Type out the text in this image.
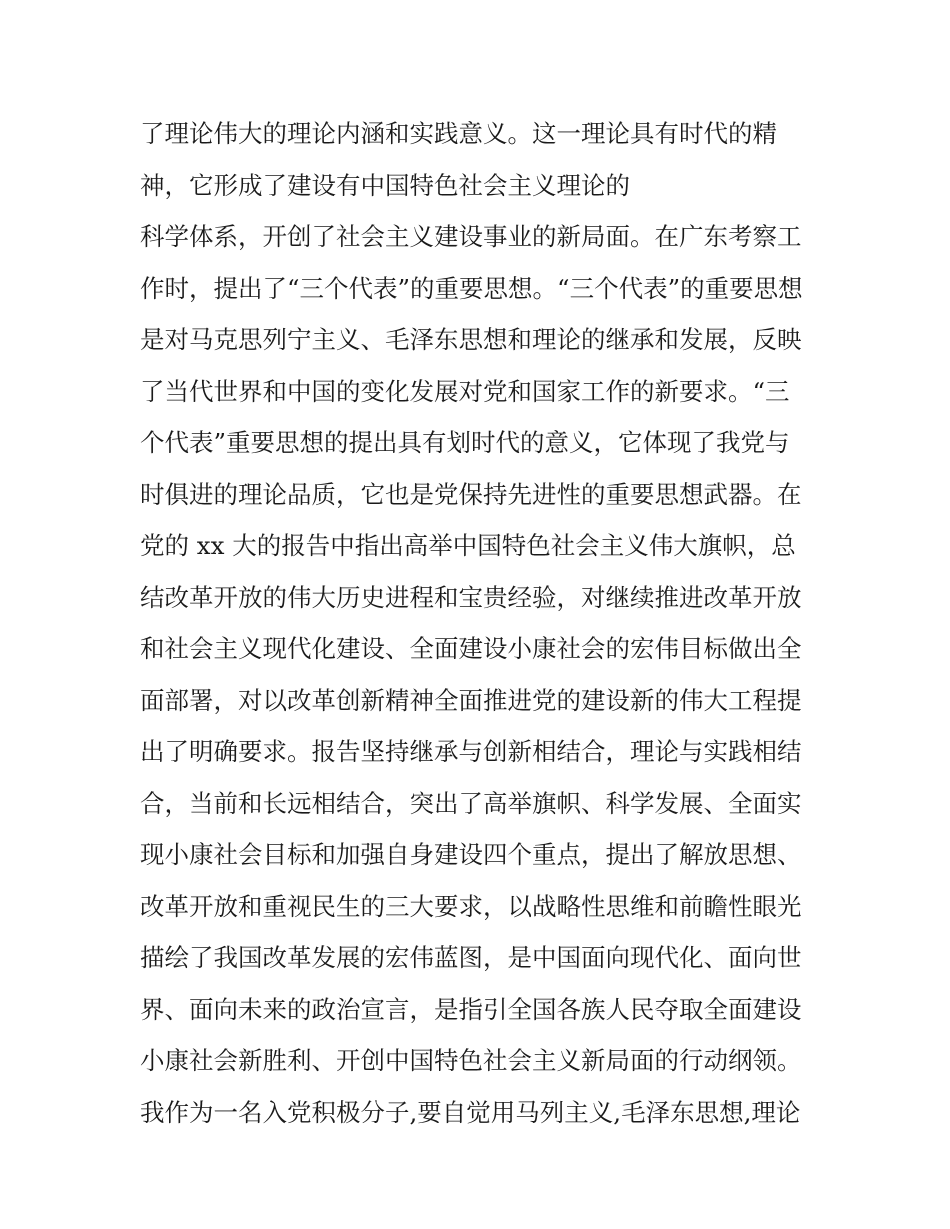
了理论伟大的理论内涵和实践意义。这一理论具有时代的精
神，它形成了建设有中国特色社会主义理论的
科学体系，开创了社会主义建设事业的新局面。在广东考察工
作时，提出了“三个代表”的重要思想。“三个代表”的重要思想
是对马克思列宁主义、毛泽东思想和理论的继承和发展，反映
了当代世界和中国的变化发展对党和国家工作的新要求。“三
个代表”重要思想的提出具有划时代的意义，它体现了我党与
时俱进的理论品质，它也是党保持先进性的重要思想武器。在
党的 xx 大的报告中指出高举中国特色社会主义伟大旗帜，总
结改革开放的伟大历史进程和宝贵经验，对继续推进改革开放
和社会主义现代化建设、全面建设小康社会的宏伟目标做出全
面部署，对以改革创新精神全面推进党的建设新的伟大工程提
出了明确要求。报告坚持继承与创新相结合，理论与实践相结
合，当前和长远相结合，突出了高举旗帜、科学发展、全面实
现小康社会目标和加强自身建设四个重点，提出了解放思想、
改革开放和重视民生的三大要求，以战略性思维和前瞻性眼光
描绘了我国改革发展的宏伟蓝图，是中国面向现代化、面向世
界、面向未来的政治宣言，是指引全国各族人民夺取全面建设
小康社会新胜利、开创中国特色社会主义新局面的行动纲领。
我作为一名入党积极分子,要自觉用马列主义,毛泽东思想,理论
